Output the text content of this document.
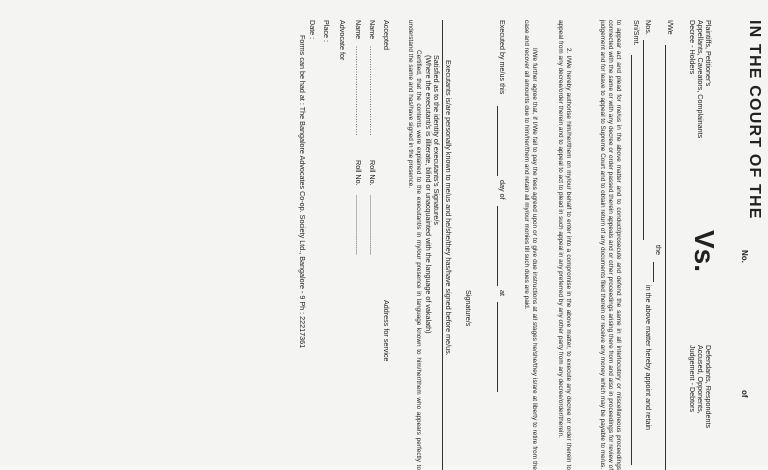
IN THE COURT OF THE
No.
of
Plaintiffs, Petitioner's
Appellants, Caveators, Complainants
Decree - Holders
Vs.
Defendants, Respondents
Accused, Opponents,
Judgement - Debtors
I/We
the
Nos.
in the above matter hereby appoint and retain
Sri/Smt.
to appear act and plead for me/us in the above matter and to conduct/prosecute and defend the same in all interlocutory or miscellaneous proceedings connected with the same or with any decree or order passed therein appeals and or other proceedings arising there from and also in proceedings for review of judgement and for leave to appeal to Supreme Court and to obtain return of any documents filed therein or receive any money which may be payable to me/us.
2. I/We hereby authorise him/her/them on my/our behalf to enter into a compromise in the above matter, to execute any decree or order therein to appeal from any decree/order therein and to appeal to act to plead in such appeal in any preferred by any other party from any decree/order/therein.
I/We further agree that, if I/We fail to pay the fees agreed upon or to give due instructions at all stages he/she/they is/are at liberty to retire from the case and recover all amounts due to him/her/them and retain all my/our monies till such dues are paid.
Executed by me/us this
day of
at
Signature/s
Executants is/are personally known to me/us and he/she/they has/have signed before me/us.
Satisfied as to the identity of executants's Signature/s
(Where the executant/s is illiterate, blind or unacquainted with the language of vakalath)
Certified, that the contents were explained to the executant/s in my/our presence in language known to him/her/them who appears perfectly to understand the same and has/have signed in the presence.
Accepted
Address for service
Name
....................................
Roll No.
..............................
Name
....................................
Roll No.
..............................
Advocate for
Place :
Date :
Forms can be had at : The Bangalore Advocates Co-op. Society Ltd., Bangalore - 9 Ph : 22217361
